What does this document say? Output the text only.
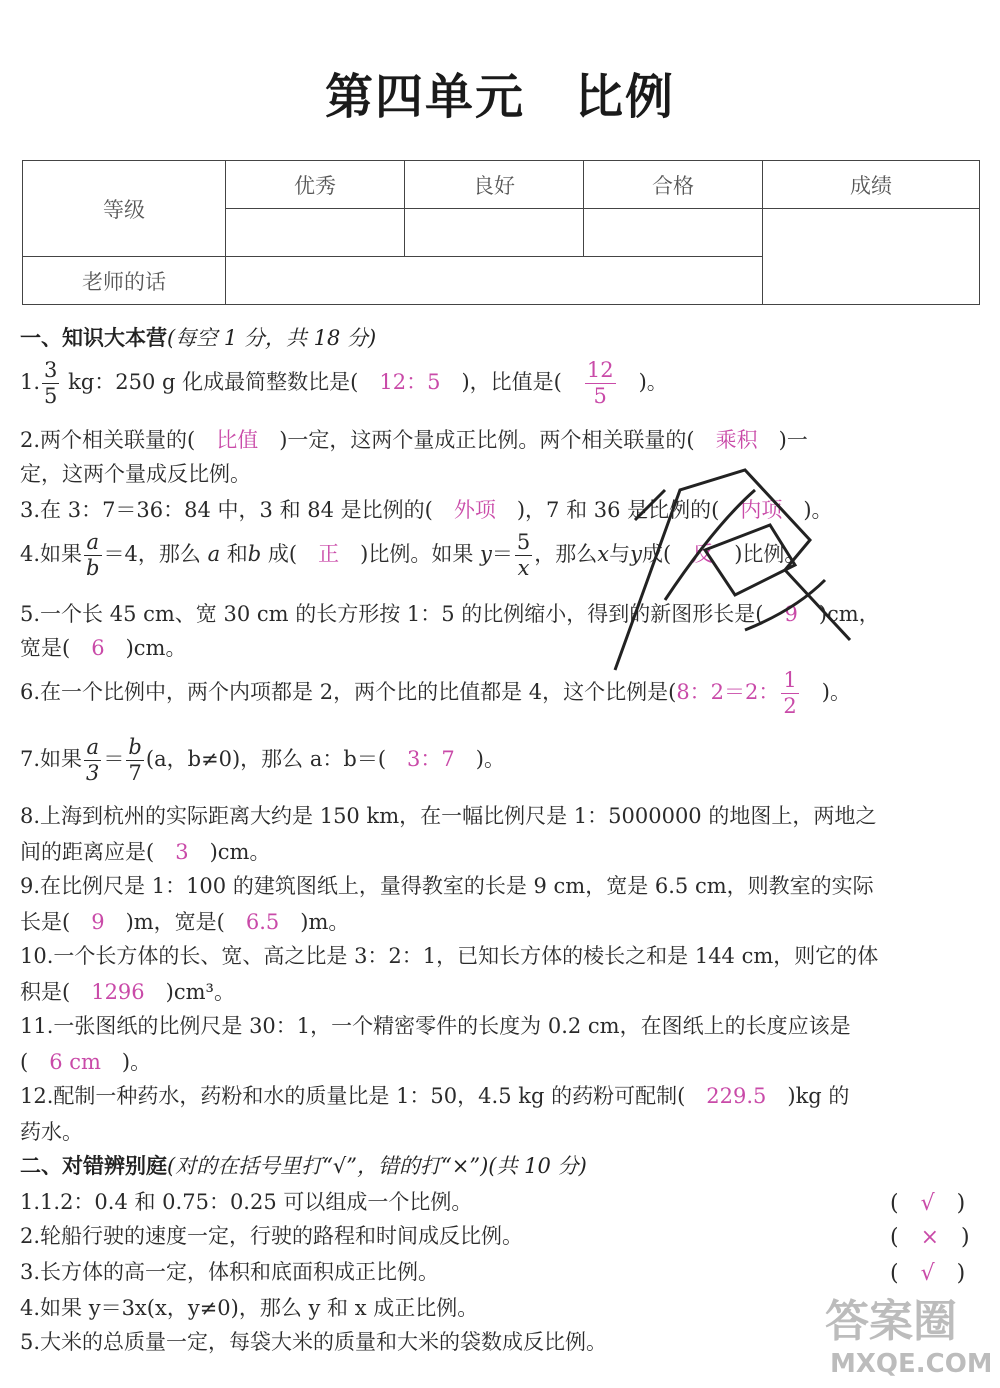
第四单元　比例
等级	优秀	良好	合格	成绩

老师的话				
一、知识大本营(每空 1 分，共 18 分)
1. $\frac{3}{5}$ kg：250 g 化成最简整数比是(　 12：5　 )，比值是(　 $\frac{12}{5}$
　 )。
2.两个相关联量的(　 比值　 )一定，这两个量成正比例。两个相关联量的(　 乘积　 )一
定，这两个量成反比例。
3.在 3：7＝36：84 中，3 和 84 是比例的(　 外项　 )，7 和 36 是比例的(　 内项　 )。
4.如果 $\frac{a}{b} =4$，那么 a 和b 成(　 正　 )比例。如果 $y= \frac{5}{x}$ ，那么x与y成(　 反　 )比例。
5.一个长 45 cm、宽 30 cm 的长方形按 1：5 的比例缩小，得到的新图形长是(　 9　 )cm，
宽是(　 6　 )cm。
6.在一个比例中，两个内项都是 2，两个比的比值都是 4，这个比例是(8：2＝2： $\frac{1}{2}$
　 )。
7.如果 $\frac{a}{3} = \frac{b}{7} (a$，b≠0)，那么 a：b＝(　 3：7　 )。
8.上海到杭州的实际距离大约是 150 km，在一幅比例尺是 1：5000000 的地图上，两地之
间的距离应是(　 3　 )cm。
9.在比例尺是 1：100 的建筑图纸上，量得教室的长是 9 cm，宽是 6.5 cm，则教室的实际
长是(　 9　 )m，宽是(　 6.5　 )m。
10.一个长方体的长、宽、高之比是 3：2：1，已知长方体的棱长之和是 144 cm，则它的体
积是(　 1296　 )cm³。
11.一张图纸的比例尺是 30：1，一个精密零件的长度为 0.2 cm，在图纸上的长度应该是
(　 6 cm　 )。
12.配制一种药水，药粉和水的质量比是 1：50，4.5 kg 的药粉可配制(　 229.5　 )kg 的
药水。
二、对错辨别庭(对的在括号里打“√”，错的打“×”)(共 10 分)
1.1.2：0.4 和 0.75：0.25 可以组成一个比例。	(　√　)
2.轮船行驶的速度一定，行驶的路程和时间成反比例。	(　×　)
3.长方体的高一定，体积和底面积成正比例。	(　√　)
4.如果 y＝3x(x，y≠0)，那么 y 和 x 成正比例。
5.大米的总质量一定，每袋大米的质量和大米的袋数成反比例。	答案圈
MXQE.COM
